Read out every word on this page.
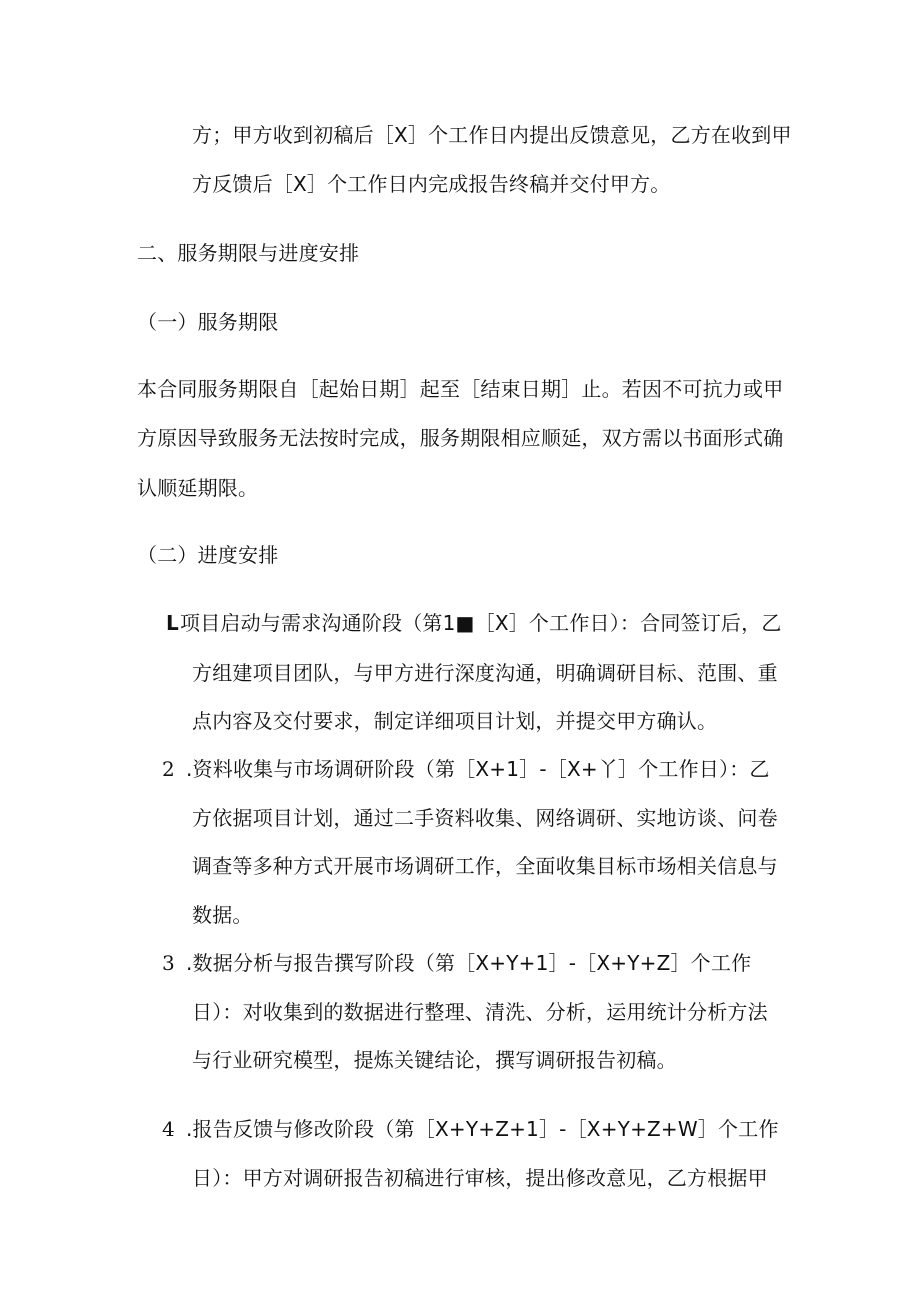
方；甲方收到初稿后［X］个工作日内提出反馈意见，乙方在收到甲
方反馈后［X］个工作日内完成报告终稿并交付甲方。
二、服务期限与进度安排
（一）服务期限
本合同服务期限自［起始日期］起至［结束日期］止。若因不可抗力或甲
方原因导致服务无法按时完成，服务期限相应顺延，双方需以书面形式确
认顺延期限。
（二）进度安排
L 项目启动与需求沟通阶段（第1■［X］个工作日）：合同签订后，乙
方组建项目团队，与甲方进行深度沟通，明确调研目标、范围、重
点内容及交付要求，制定详细项目计划，并提交甲方确认。
2 .资料收集与市场调研阶段（第［X+1］-［X+丫］个工作日）：乙
方依据项目计划，通过二手资料收集、网络调研、实地访谈、问卷
调查等多种方式开展市场调研工作，全面收集目标市场相关信息与
数据。
3 .数据分析与报告撰写阶段（第［X+Y+1］-［X+Y+Z］个工作
日）：对收集到的数据进行整理、清洗、分析，运用统计分析方法
与行业研究模型，提炼关键结论，撰写调研报告初稿。
4 .报告反馈与修改阶段（第［X+Y+Z+1］-［X+Y+Z+W］个工作
日）：甲方对调研报告初稿进行审核，提出修改意见，乙方根据甲
